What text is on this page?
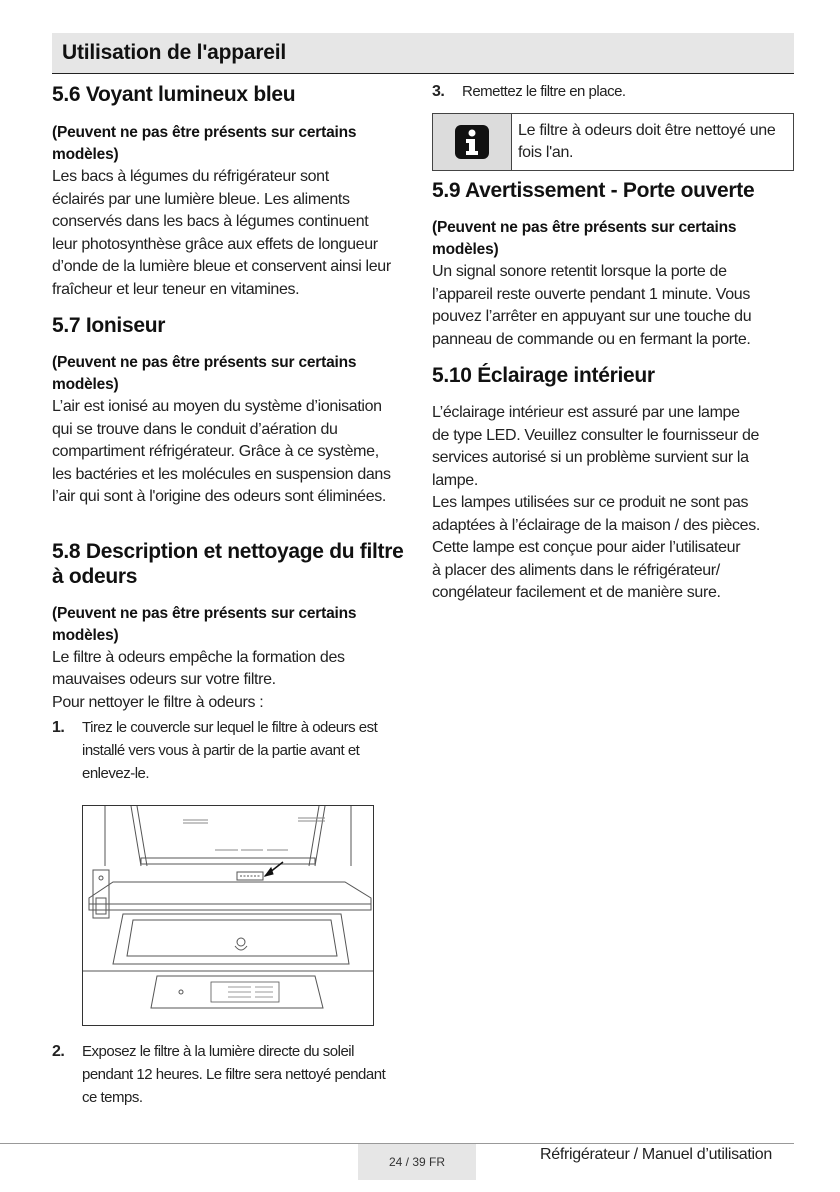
Utilisation de l'appareil
5.6 Voyant lumineux bleu
(Peuvent ne pas être présents sur certains
modèles)

Les bacs à légumes du réfrigérateur sont

éclairés par une lumière bleue. Les aliments

conservés dans les bacs à légumes continuent

leur photosynthèse grâce aux effets de longueur

d’onde de la lumière bleue et conservent ainsi leur

fraîcheur et leur teneur en vitamines.

5.7 Ioniseur
(Peuvent ne pas être présents sur certains
modèles)

L’air est ionisé au moyen du système d’ionisation

qui se trouve dans le conduit d’aération du

compartiment réfrigérateur. Grâce à ce système,

les bactéries et les molécules en suspension dans

l’air qui sont à l'origine des odeurs sont éliminées.

5.8 Description et nettoyage du filtre
à odeurs
(Peuvent ne pas être présents sur certains
modèles)

Le filtre à odeurs empêche la formation des

mauvaises odeurs sur votre filtre.

Pour nettoyer le filtre à odeurs :

1.	Tirez le couvercle sur lequel le filtre à odeurs est
installé vers vous à partir de la partie avant et
enlevez-le.
2.	Exposez le filtre à la lumière directe du soleil
pendant 12 heures. Le filtre sera nettoyé pendant
ce temps.
3.	Remettez le filtre en place.
Le filtre à odeurs doit être nettoyé une
fois l'an.
5.9 Avertissement - Porte ouverte
(Peuvent ne pas être présents sur certains
modèles)

Un signal sonore retentit lorsque la porte de

l’appareil reste ouverte pendant 1 minute. Vous

pouvez l’arrêter en appuyant sur une touche du

panneau de commande ou en fermant la porte.

5.10 Éclairage intérieur

L’éclairage intérieur est assuré par une lampe

de type LED. Veuillez consulter le fournisseur de

services autorisé si un problème survient sur la

lampe.

Les lampes utilisées sur ce produit ne sont pas

adaptées à l’éclairage de la maison / des pièces.

Cette lampe est conçue pour aider l’utilisateur

à placer des aliments dans le réfrigérateur/

congélateur facilement et de manière sure.

24 / 39 FR	Réfrigérateur / Manuel d’utilisation
